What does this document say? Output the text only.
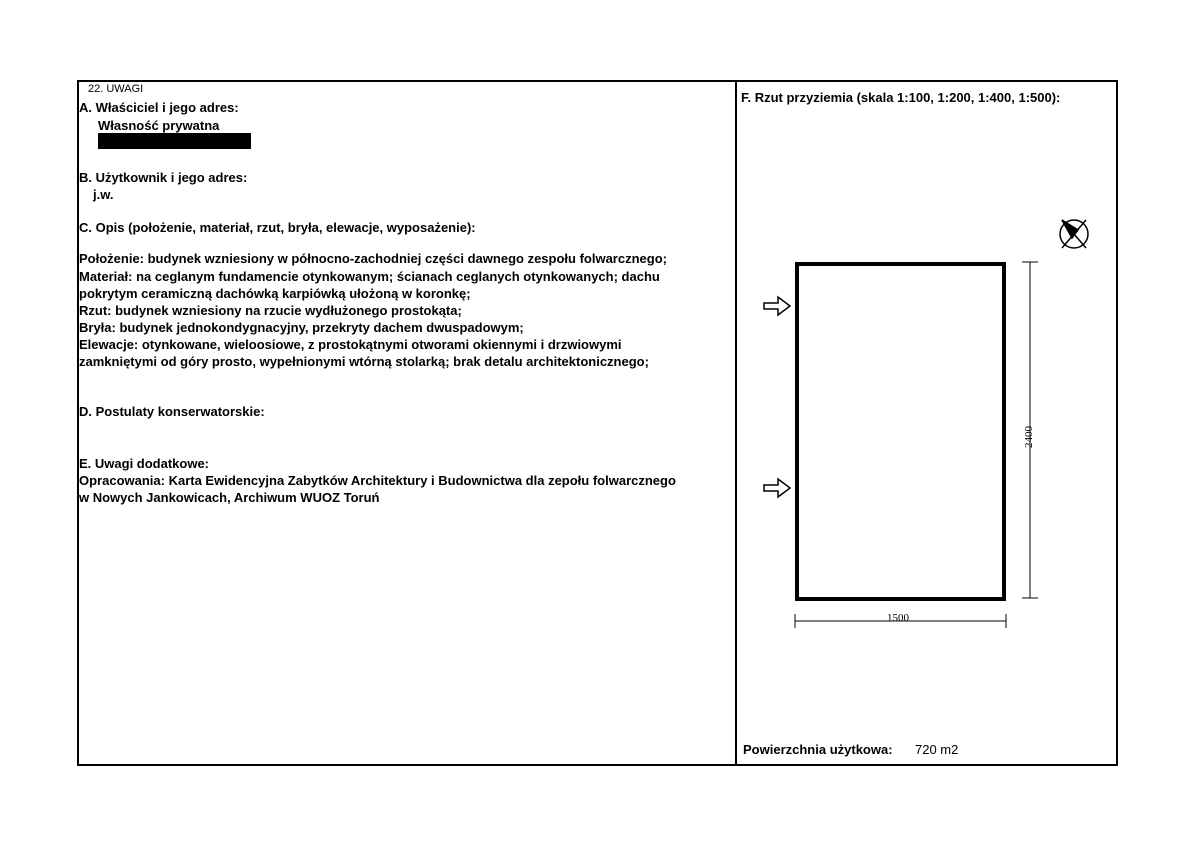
22. UWAGI
A. Właściciel i jego adres:
Własność prywatna
B. Użytkownik i jego adres:
j.w.
C. Opis (położenie, materiał, rzut, bryła, elewacje, wyposażenie):
Położenie: budynek wzniesiony w północno-zachodniej części dawnego zespołu folwarcznego;
Materiał: na ceglanym fundamencie otynkowanym; ścianach ceglanych otynkowanych; dachu
pokrytym ceramiczną dachówką karpiówką ułożoną w koronkę;
Rzut: budynek wzniesiony na rzucie wydłużonego prostokąta;
Bryła: budynek jednokondygnacyjny, przekryty dachem dwuspadowym;
Elewacje: otynkowane, wieloosiowe, z prostokątnymi otworami okiennymi i drzwiowymi
zamkniętymi od góry prosto, wypełnionymi wtórną stolarką; brak detalu architektonicznego;
D. Postulaty konserwatorskie:
E. Uwagi dodatkowe:
Opracowania: Karta Ewidencyjna Zabytków Architektury i Budownictwa dla zepołu folwarcznego
w Nowych Jankowicach, Archiwum WUOZ Toruń
F. Rzut przyziemia (skala 1:100, 1:200, 1:400, 1:500):
2400
1500
Powierzchnia użytkowa: 720 m2
